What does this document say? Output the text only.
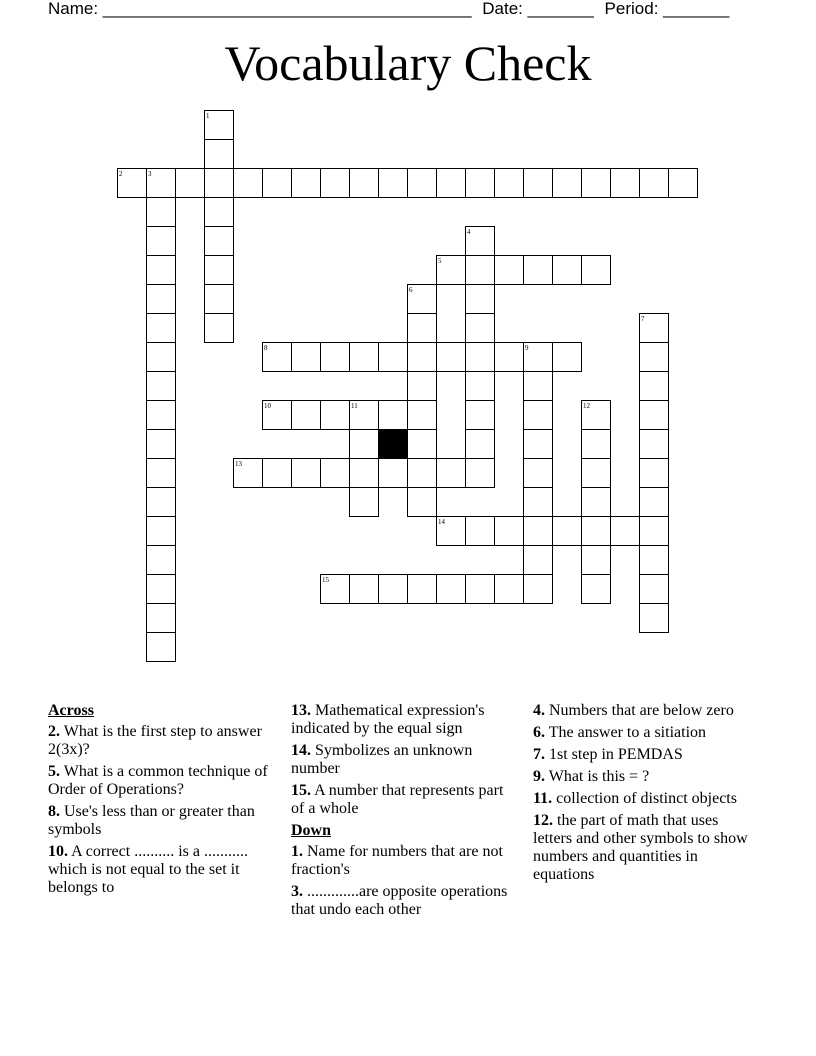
Name: _______________________________________ Date: _______ Period: _______
Vocabulary Check
1
2	3
4
5
6
7
8	9
10	11	12
13
14
15
Across
2. What is the first step to answer 2(3x)?
5. What is a common technique of Order of Operations?
8. Use's less than or greater than symbols
10. A correct .......... is a ........... which is not equal to the set it belongs to
13. Mathematical expression's indicated by the equal sign
14. Symbolizes an unknown number
15. A number that represents part of a whole
Down
1. Name for numbers that are not fraction's
3. .............are opposite operations that undo each other
4. Numbers that are below zero
6. The answer to a sitiation
7. 1st step in PEMDAS
9. What is this = ?
11. collection of distinct objects
12. the part of math that uses letters and other symbols to show numbers and quantities in equations
